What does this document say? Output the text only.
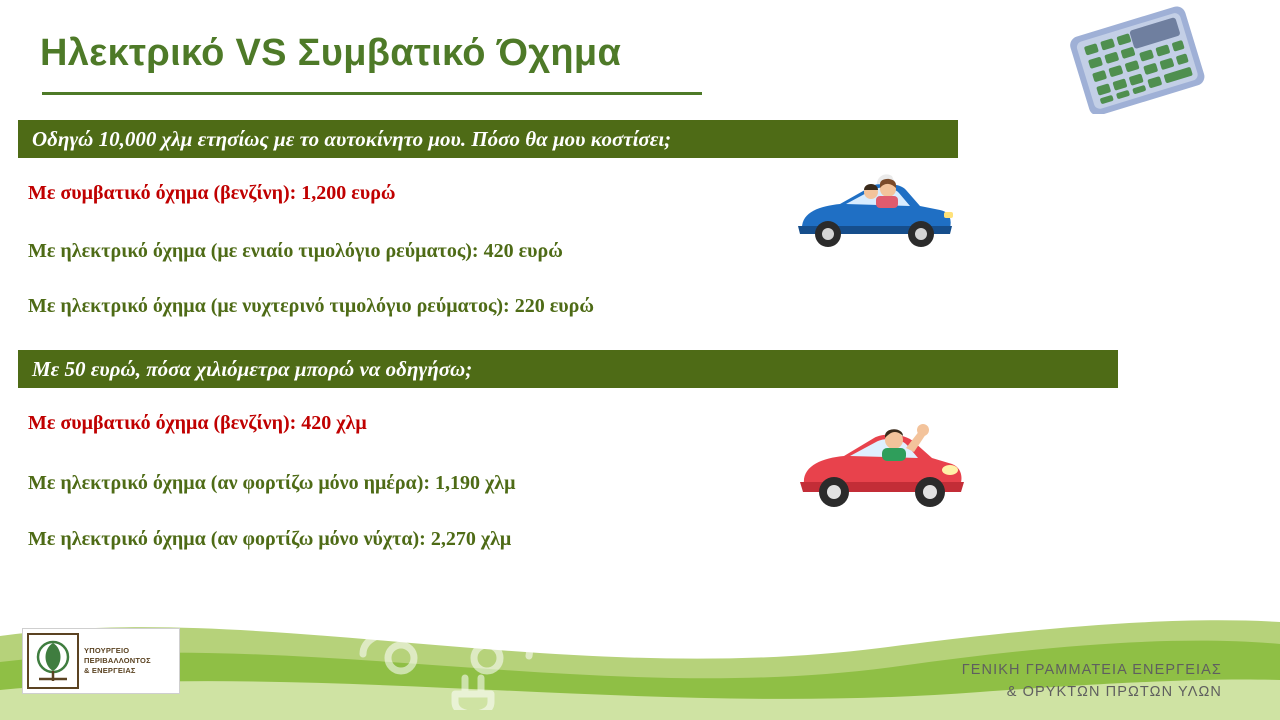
Ηλεκτρικό VS Συμβατικό Όχημα
Οδηγώ 10,000 χλμ ετησίως με το αυτοκίνητο μου. Πόσο θα μου κοστίσει;
Με συμβατικό όχημα (βενζίνη): 1,200 ευρώ
Με ηλεκτρικό όχημα (με ενιαίο τιμολόγιο ρεύματος): 420 ευρώ
Με ηλεκτρικό όχημα (με νυχτερινό τιμολόγιο ρεύματος): 220 ευρώ
Με 50 ευρώ, πόσα χιλιόμετρα μπορώ να οδηγήσω;
Με συμβατικό όχημα (βενζίνη): 420 χλμ
Με ηλεκτρικό όχημα (αν φορτίζω μόνο ημέρα): 1,190 χλμ
Με ηλεκτρικό όχημα (αν φορτίζω μόνο νύχτα): 2,270 χλμ
ΥΠΟΥΡΓΕΙΟ
ΠΕΡΙΒΑΛΛΟΝΤΟΣ
& ΕΝΕΡΓΕΙΑΣ	ΓΕΝΙΚΗ ΓΡΑΜΜΑΤΕΙΑ ΕΝΕΡΓΕΙΑΣ
& ΟΡΥΚΤΩΝ ΠΡΩΤΩΝ ΥΛΩΝ
